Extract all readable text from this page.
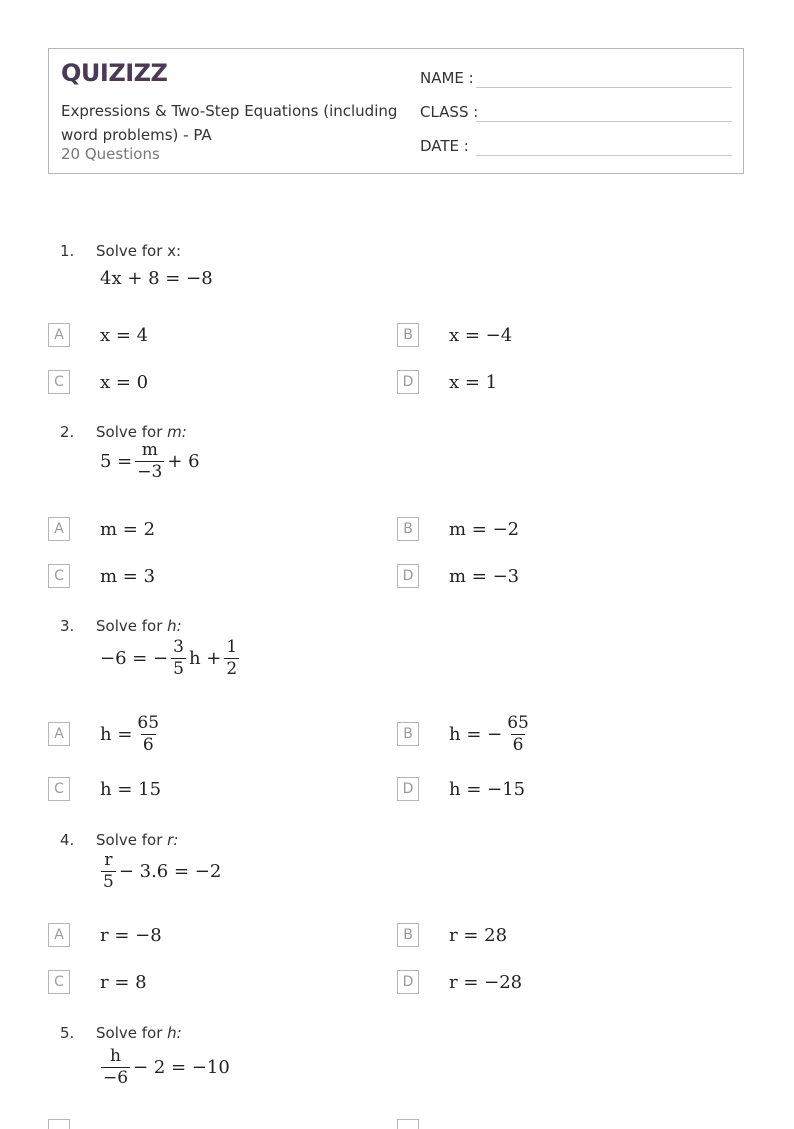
QUIZIZZ
Expressions & Two-Step Equations (including word problems) - PA
20 Questions
NAME :
CLASS :
DATE :
1. Solve for x:
4x + 8 = −8
A	x = 4	B	x = −4
C	x = 0	D	x = 1
2. Solve for m:
$5 = \frac{m}{-3} + 6$
A	m = 2	B	m = −2
C	m = 3	D	m = −3
3. Solve for h:
−6 = − $\frac{3}{5}$ $h + \frac{1}{2}$
A	$h = \frac{65}{6}$	B	h = − $\frac{65}{6}$
C	h = 15	D	h = −15
4. Solve for r:
$\frac{r}{5} - 3.6 = -2$
A	r = −8	B	r = 28
C	r = 8	D	r = −28
5. Solve for h:
$\frac{h}{-6} - 2 = -10$
